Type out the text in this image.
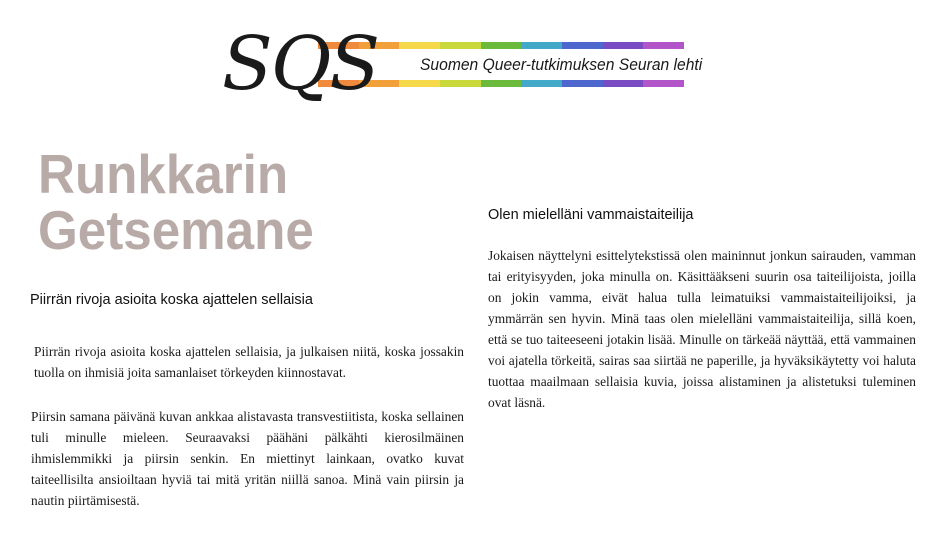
SQS Suomen Queer-tutkimuksen Seuran lehti
Runkkarin
Getsemane
Piirrän rivoja asioita koska ajattelen sellaisia

Piirrän rivoja asioita koska ajattelen sellaisia, ja julkaisen niitä, koska jossakin tuolla on ihmisiä joita samanlaiset törkeyden kiinnostavat.

Piirsin samana päivänä kuvan ankkaa alistavasta transvestiitista, koska sellainen tuli minulle mieleen. Seuraavaksi päähäni pälkähti kierosilmäinen ihmislemmikki ja piirsin senkin. En miettinyt lainkaan, ovatko kuvat taiteellisilta ansioiltaan hyviä tai mitä yritän niillä sanoa. Minä vain piirsin ja nautin piirtämisestä.

Olen mielelläni vammaistaiteilija

Jokaisen näyttelyni esittelytekstissä olen maininnut jonkun sairauden, vamman tai erityisyyden, joka minulla on. Käsittääkseni suurin osa taiteilijoista, joilla on jokin vamma, eivät halua tulla leimatuiksi vammaistaiteilijoiksi, ja ymmärrän sen hyvin. Minä taas olen mielelläni vammaistaiteilija, sillä koen, että se tuo taiteeseeni jotakin lisää. Minulle on tärkeää näyttää, että vammainen voi ajatella törkeitä, sairas saa siirtää ne paperille, ja hyväksikäytetty voi haluta tuottaa maailmaan sellaisia kuvia, joissa alistaminen ja alistetuksi tuleminen ovat läsnä.
